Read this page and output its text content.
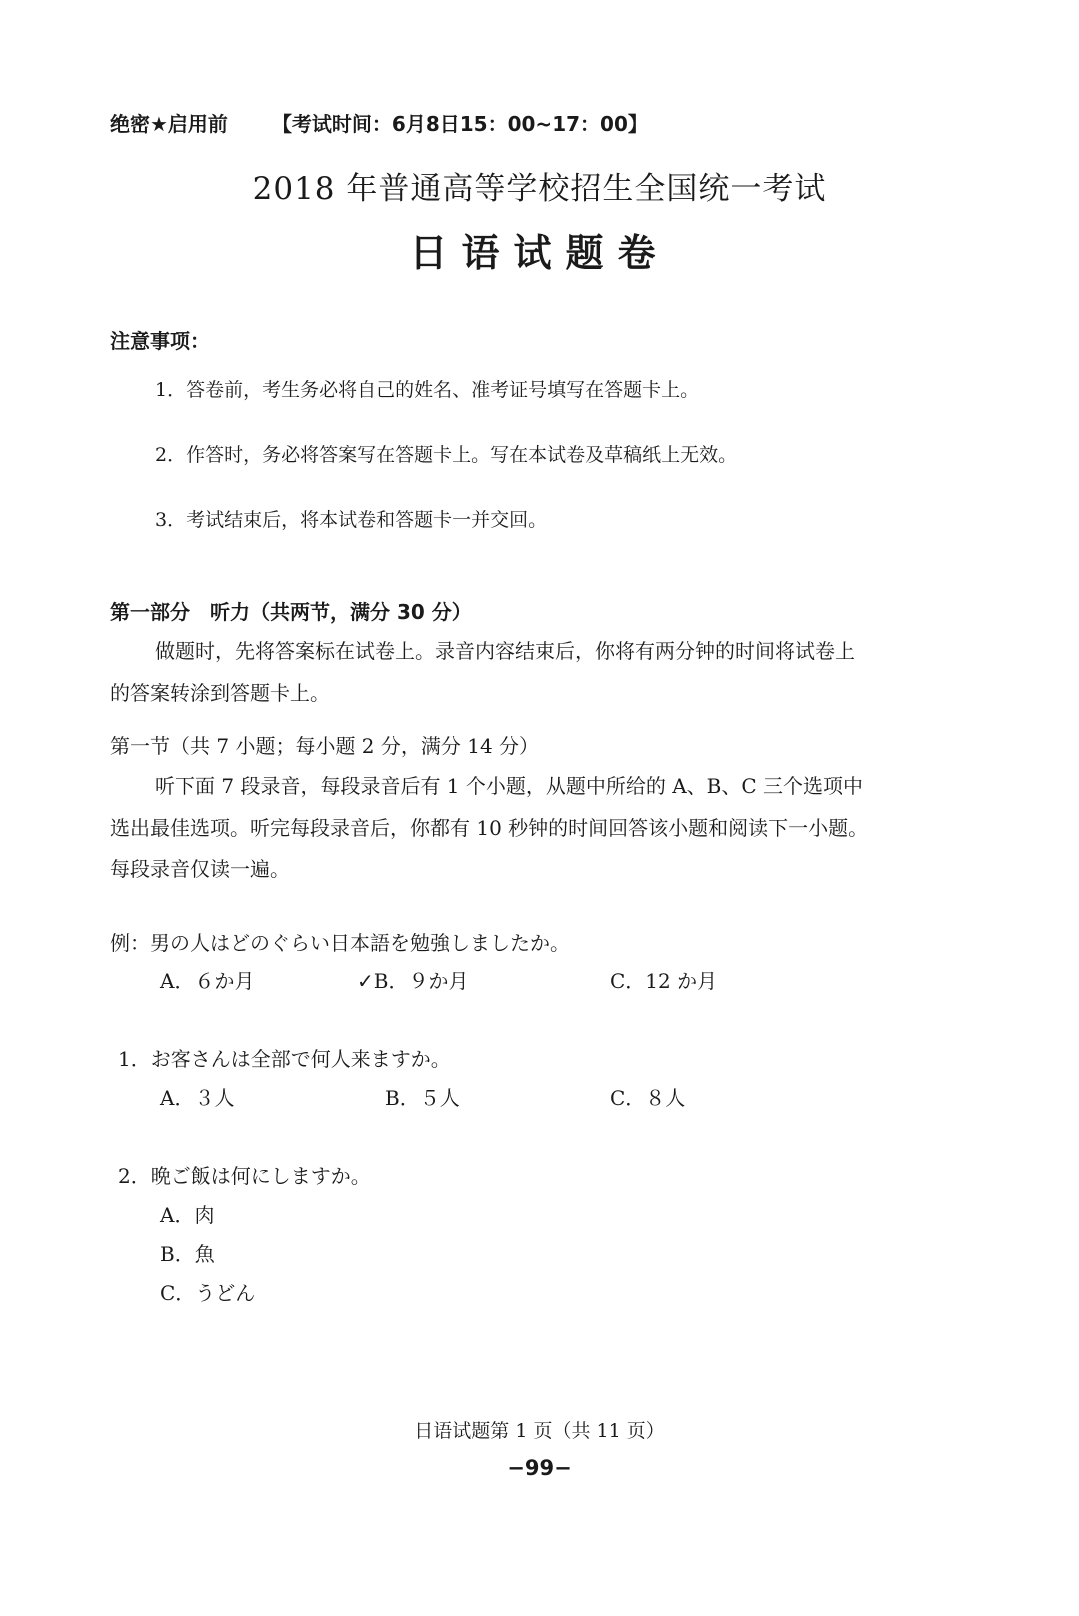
绝密★启用前 【考试时间：6月8日15：00~17：00】
2018 年普通高等学校招生全国统一考试
日语试题卷
注意事项：
1．答卷前，考生务必将自己的姓名、准考证号填写在答题卡上。
2．作答时，务必将答案写在答题卡上。写在本试卷及草稿纸上无效。
3．考试结束后，将本试卷和答题卡一并交回。
第一部分　听力（共两节，满分 30 分）
做题时，先将答案标在试卷上。录音内容结束后，你将有两分钟的时间将试卷上
的答案转涂到答题卡上。
第一节（共 7 小题；每小题 2 分，满分 14 分）
听下面 7 段录音，每段录音后有 1 个小题，从题中所给的 A、B、C 三个选项中
选出最佳选项。听完每段录音后，你都有 10 秒钟的时间回答该小题和阅读下一小题。
每段录音仅读一遍。
例：男の人はどのぐらい日本語を勉強しましたか。
A．６か月	✓B．９か月	C．12 か月
1．お客さんは全部で何人来ますか。
A．３人	B．５人	C．８人
2．晩ご飯は何にしますか。
A．肉
B．魚
C．うどん
日语试题第 1 页（共 11 页）
−99−
